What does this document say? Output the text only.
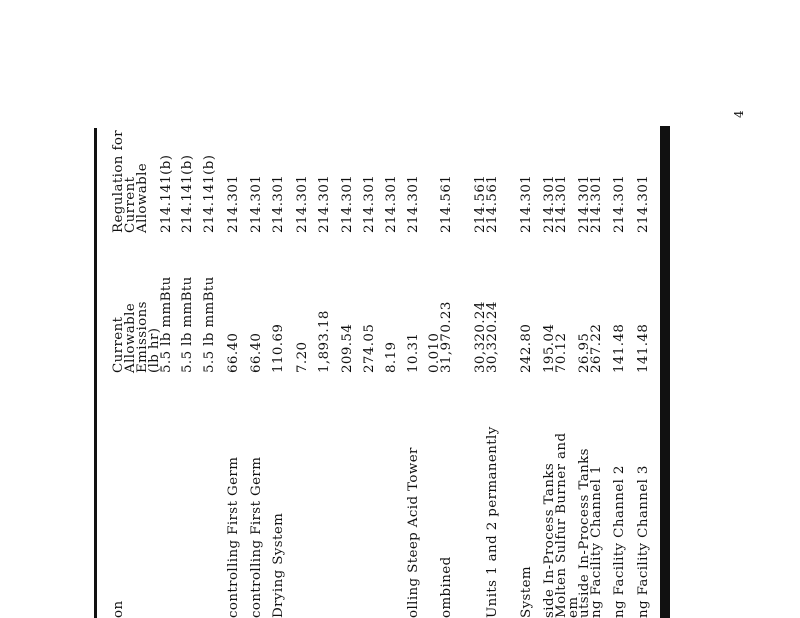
4
on
Current
Allowable
Emissions
(lb hr)
Regulation for
Current
Allowable
5.5 lb mmBtu
214.141(b)
5.5 lb mmBtu
214.141(b)
5.5 lb mmBtu
214.141(b)
controlling First Germ
66.40
214.301
controlling First Germ
66.40
214.301
Drying System
110.69
214.301
7.20
214.301
1,893.18
214.301
209.54
214.301
274.05
214.301
8.19
214.301
olling Steep Acid Tower
10.31
214.301
ombined
0.010
31,970.23
214.561
Units 1 and 2 permanently
30,320.24
30,320.24
214.561
214.561
System
242.80
214.301
side In-Process Tanks
Molten Sulfur Burner and
em
195.04
70.12
214.301
214.301
utside In-Process Tanks
ng Facility Channel 1
26.95
267.22
214.301
214.301
ng Facility Channel 2
141.48
214.301
ng Facility Channel 3
141.48
214.301
